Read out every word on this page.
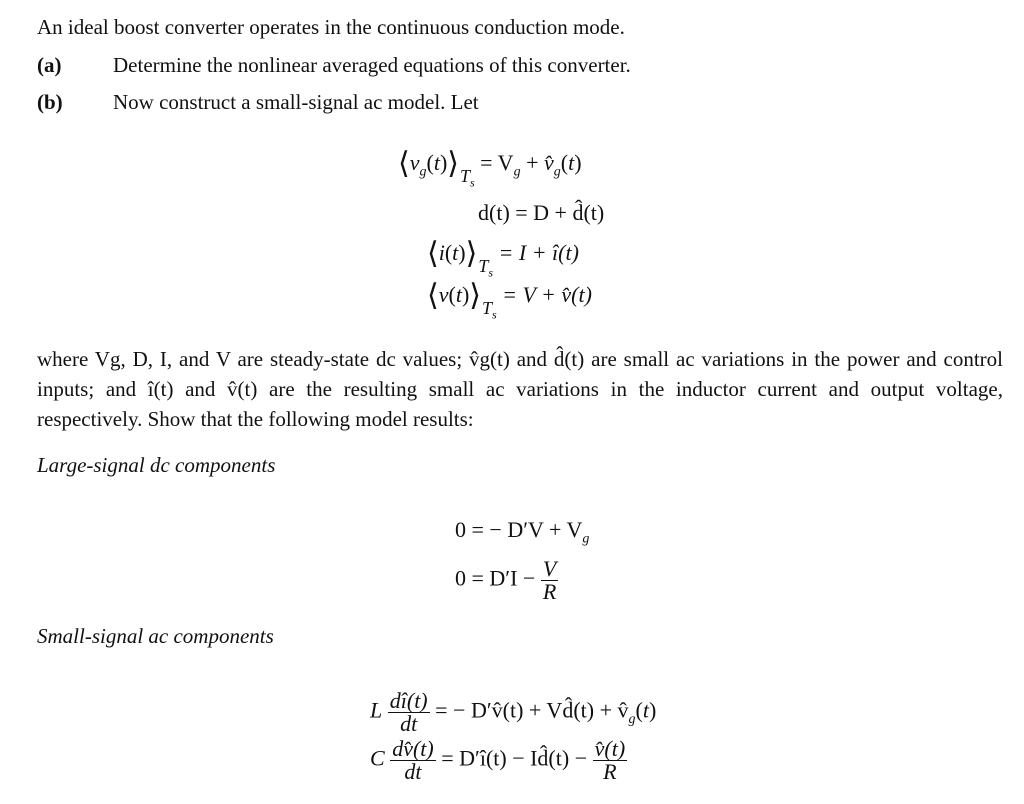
An ideal boost converter operates in the continuous conduction mode.
(a) Determine the nonlinear averaged equations of this converter.
(b) Now construct a small-signal ac model. Let
$⟨v_g(t)⟩_{T_s} = V_g$ + $v̂_g(t)$
d(t) = D + d̂(t)
$⟨i(t)⟩_{T_s} = I$ + î(t)
$⟨v(t)⟩_{T_s} = V$ + v̂(t)
where Vg, D, I, and V are steady-state dc values; v̂g(t) and d̂(t) are small ac variations in the power and control inputs; and î(t) and v̂(t) are the resulting small ac variations in the inductor current and output voltage, respectively. Show that the following model results:
Large-signal dc components
0 = − $D'V + V_g$
$0 = D'I - \frac{V}{R}$
Small-signal ac components
L $\frac{dî(t)}{dt}$ = − D′v̂(t) + Vd̂(t) + $v̂_g(t)$
C $\frac{dv̂(t)}{dt}$ = D′î(t) − Id̂(t) − $\frac{v̂(t)}{R}$
